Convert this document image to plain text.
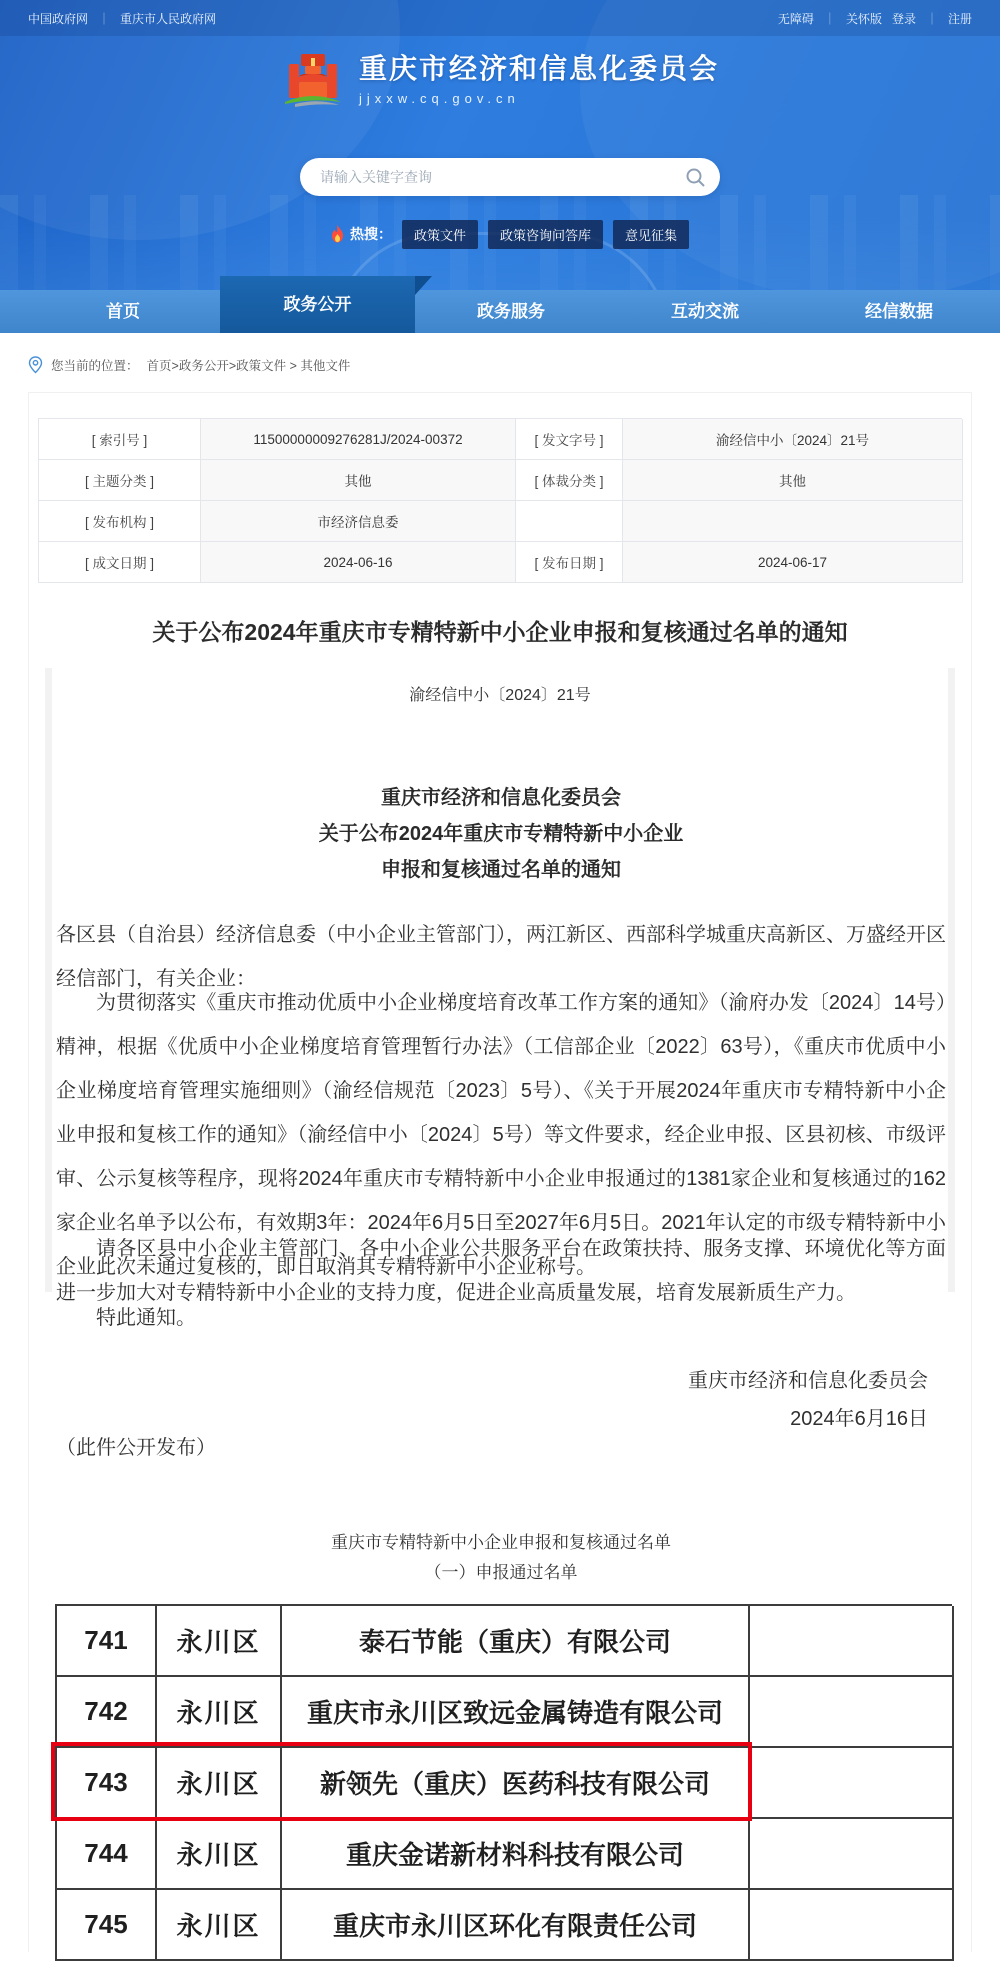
中国政府网 ｜ 重庆市人民政府网	无障碍 ｜ 关怀版 登录 ｜ 注册
重庆市经济和信息化委员会
jjxxw.cq.gov.cn
请输入关键字查询
热搜：	政策文件	政策咨询问答库	意见征集
首页	政务公开	政务服务	互动交流	经信数据
您当前的位置： 首页>政务公开>政策文件 > 其他文件
[ 索引号 ]	11500000009276281J/2024-00372	[ 发文字号 ]	渝经信中小〔2024〕21号
[ 主题分类 ]	其他	[ 体裁分类 ]	其他
[ 发布机构 ]	市经济信息委
[ 成文日期 ]	2024-06-16	[ 发布日期 ]	2024-06-17
关于公布2024年重庆市专精特新中小企业申报和复核通过名单的通知
渝经信中小〔2024〕21号
重庆市经济和信息化委员会
关于公布2024年重庆市专精特新中小企业
申报和复核通过名单的通知
各区县（自治县）经济信息委（中小企业主管部门），两江新区、西部科学城重庆高新区、万盛经开区经信部门，有关企业：
为贯彻落实《重庆市推动优质中小企业梯度培育改革工作方案的通知》（渝府办发〔2024〕14号）精神，根据《优质中小企业梯度培育管理暂行办法》（工信部企业〔2022〕63号），《重庆市优质中小企业梯度培育管理实施细则》（渝经信规范〔2023〕5号）、《关于开展2024年重庆市专精特新中小企业申报和复核工作的通知》（渝经信中小〔2024〕5号）等文件要求，经企业申报、区县初核、市级评审、公示复核等程序，现将2024年重庆市专精特新中小企业申报通过的1381家企业和复核通过的162家企业名单予以公布，有效期3年：2024年6月5日至2027年6月5日。2021年认定的市级专精特新中小企业此次未通过复核的，即日取消其专精特新中小企业称号。
请各区县中小企业主管部门、各中小企业公共服务平台在政策扶持、服务支撑、环境优化等方面进一步加大对专精特新中小企业的支持力度，促进企业高质量发展，培育发展新质生产力。
特此通知。
重庆市经济和信息化委员会
2024年6月16日
（此件公开发布）
重庆市专精特新中小企业申报和复核通过名单
（一）申报通过名单
741	永川区	泰石节能（重庆）有限公司
742	永川区	重庆市永川区致远金属铸造有限公司
743	永川区	新领先（重庆）医药科技有限公司
744	永川区	重庆金诺新材料科技有限公司
745	永川区	重庆市永川区环化有限责任公司
